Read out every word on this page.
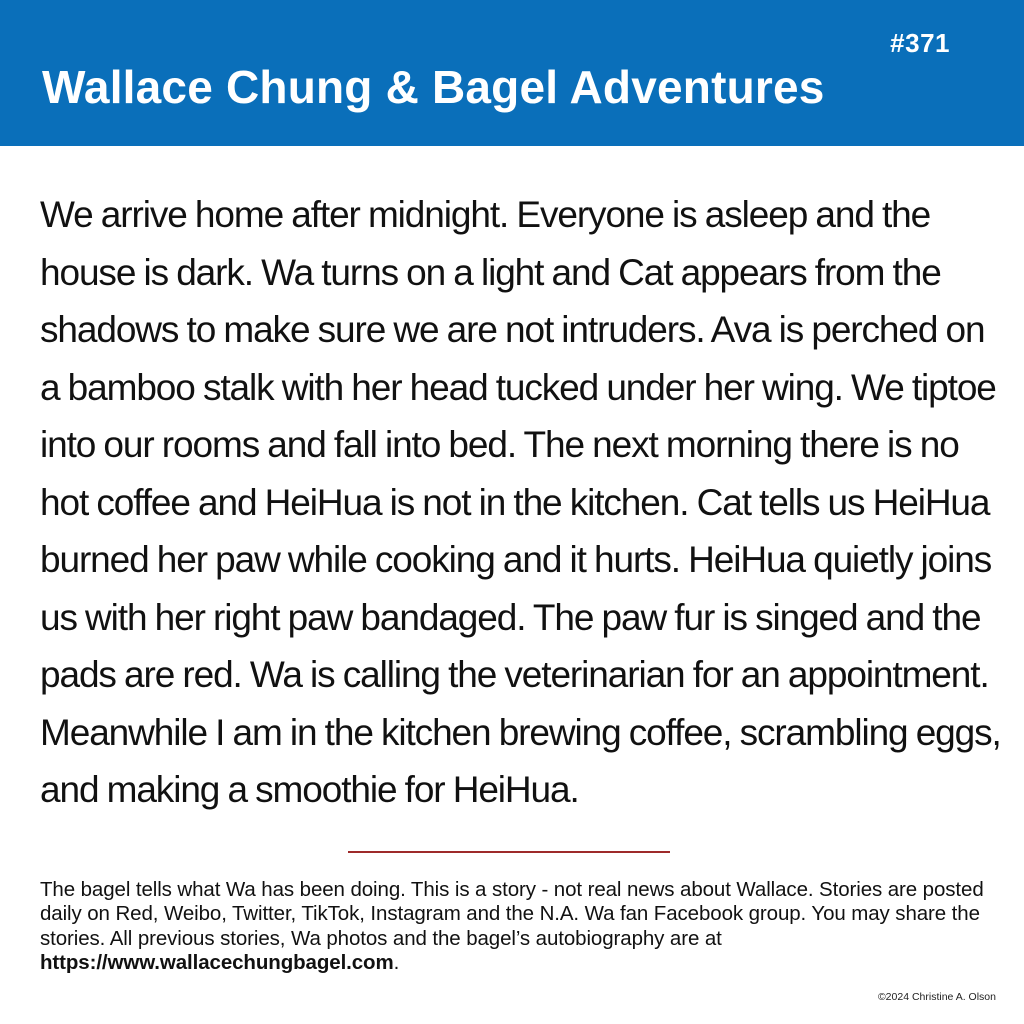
#371
Wallace Chung & Bagel Adventures

We arrive home after midnight. Everyone is asleep and the house is dark. Wa turns on a light and Cat appears from the shadows to make sure we are not intruders. Ava is perched on a bamboo stalk with her head tucked under her wing. We tiptoe into our rooms and fall into bed. The next morning there is no hot coffee and HeiHua is not in the kitchen. Cat tells us HeiHua burned her paw while cooking and it hurts. HeiHua quietly joins us with her right paw bandaged. The paw fur is singed and the pads are red. Wa is calling the veterinarian for an appointment. Meanwhile I am in the kitchen brewing coffee, scrambling eggs, and making a smoothie for HeiHua.

The bagel tells what Wa has been doing. This is a story - not real news about Wallace. Stories are posted daily on Red, Weibo, Twitter, TikTok, Instagram and the N.A. Wa fan Facebook group. You may share the stories. All previous stories, Wa photos and the bagel’s autobiography are at https://www.wallacechungbagel.com.

©2024 Christine A. Olson
